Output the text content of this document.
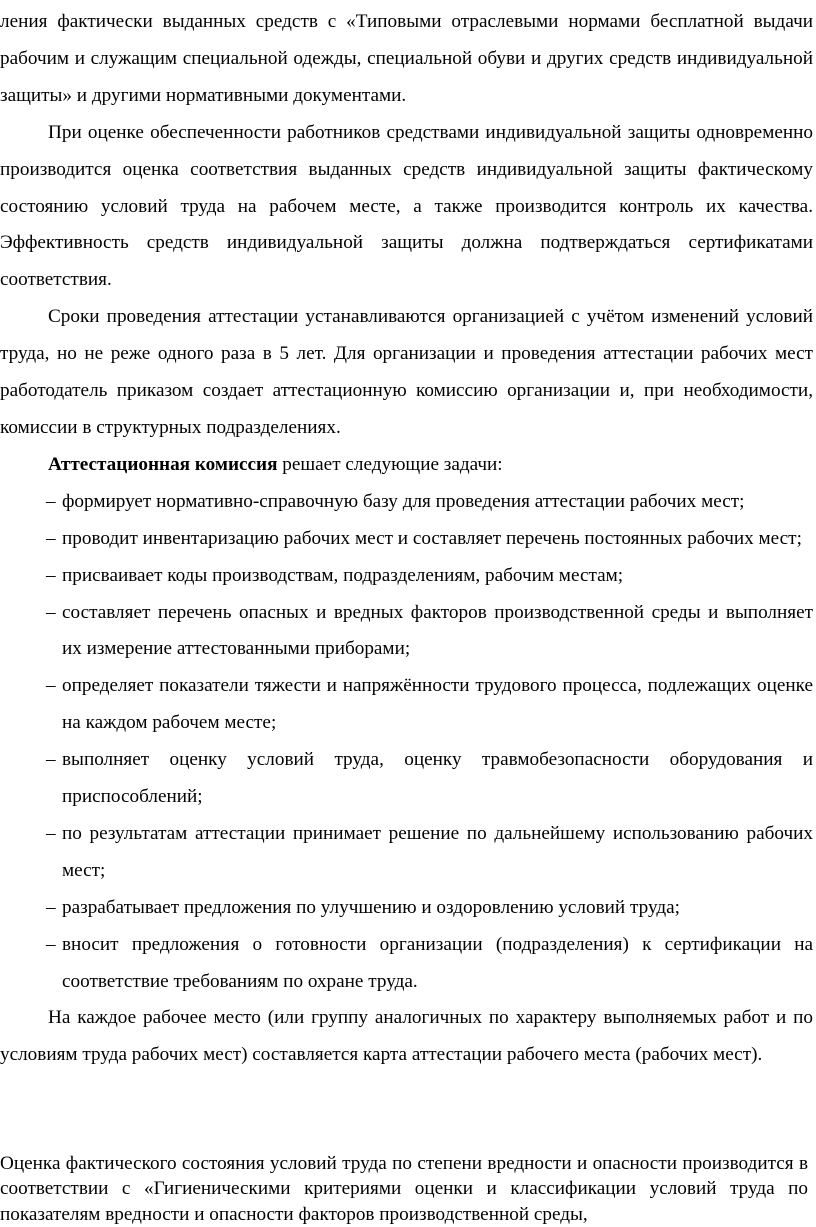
ления фактически выданных средств с «Типовыми отраслевыми нормами бесплатной выдачи рабочим и служащим специальной одежды, специальной обуви и других средств индивидуальной защиты» и другими нормативными документами.

При оценке обеспеченности работников средствами индивидуальной защиты одновременно производится оценка соответствия выданных средств индивидуальной защиты фактическому состоянию условий труда на рабочем месте, а также производится контроль их качества. Эффективность средств индивидуальной защиты должна подтверждаться сертификатами соответствия.

Сроки проведения аттестации устанавливаются организацией с учётом изменений условий труда, но не реже одного раза в 5 лет. Для организации и проведения аттестации рабочих мест работодатель приказом создает аттестационную комиссию организации и, при необходимости, комиссии в структурных подразделениях.

Аттестационная комиссия решает следующие задачи:

– формирует нормативно-справочную базу для проведения аттестации рабочих мест;
– проводит инвентаризацию рабочих мест и составляет перечень постоянных рабочих мест;
– присваивает коды производствам, подразделениям, рабочим местам;
– составляет перечень опасных и вредных факторов производственной среды и выполняет их измерение аттестованными приборами;
– определяет показатели тяжести и напряжённости трудового процесса, подлежащих оценке на каждом рабочем месте;
– выполняет оценку условий труда, оценку травмобезопасности оборудования и приспособлений;
– по результатам аттестации принимает решение по дальнейшему использованию рабочих мест;
– разрабатывает предложения по улучшению и оздоровлению условий труда;
– вносит предложения о готовности организации (подразделения) к сертификации на соответствие требованиям по охране труда.

На каждое рабочее место (или группу аналогичных по характеру выполняемых работ и по условиям труда рабочих мест) составляется карта аттестации рабочего места (рабочих мест).

Оценка фактического состояния условий труда по степени вредности и опасности производится в соответствии с «Гигиеническими критериями оценки и классификации условий труда по показателям вредности и опасности факторов производственной среды,
